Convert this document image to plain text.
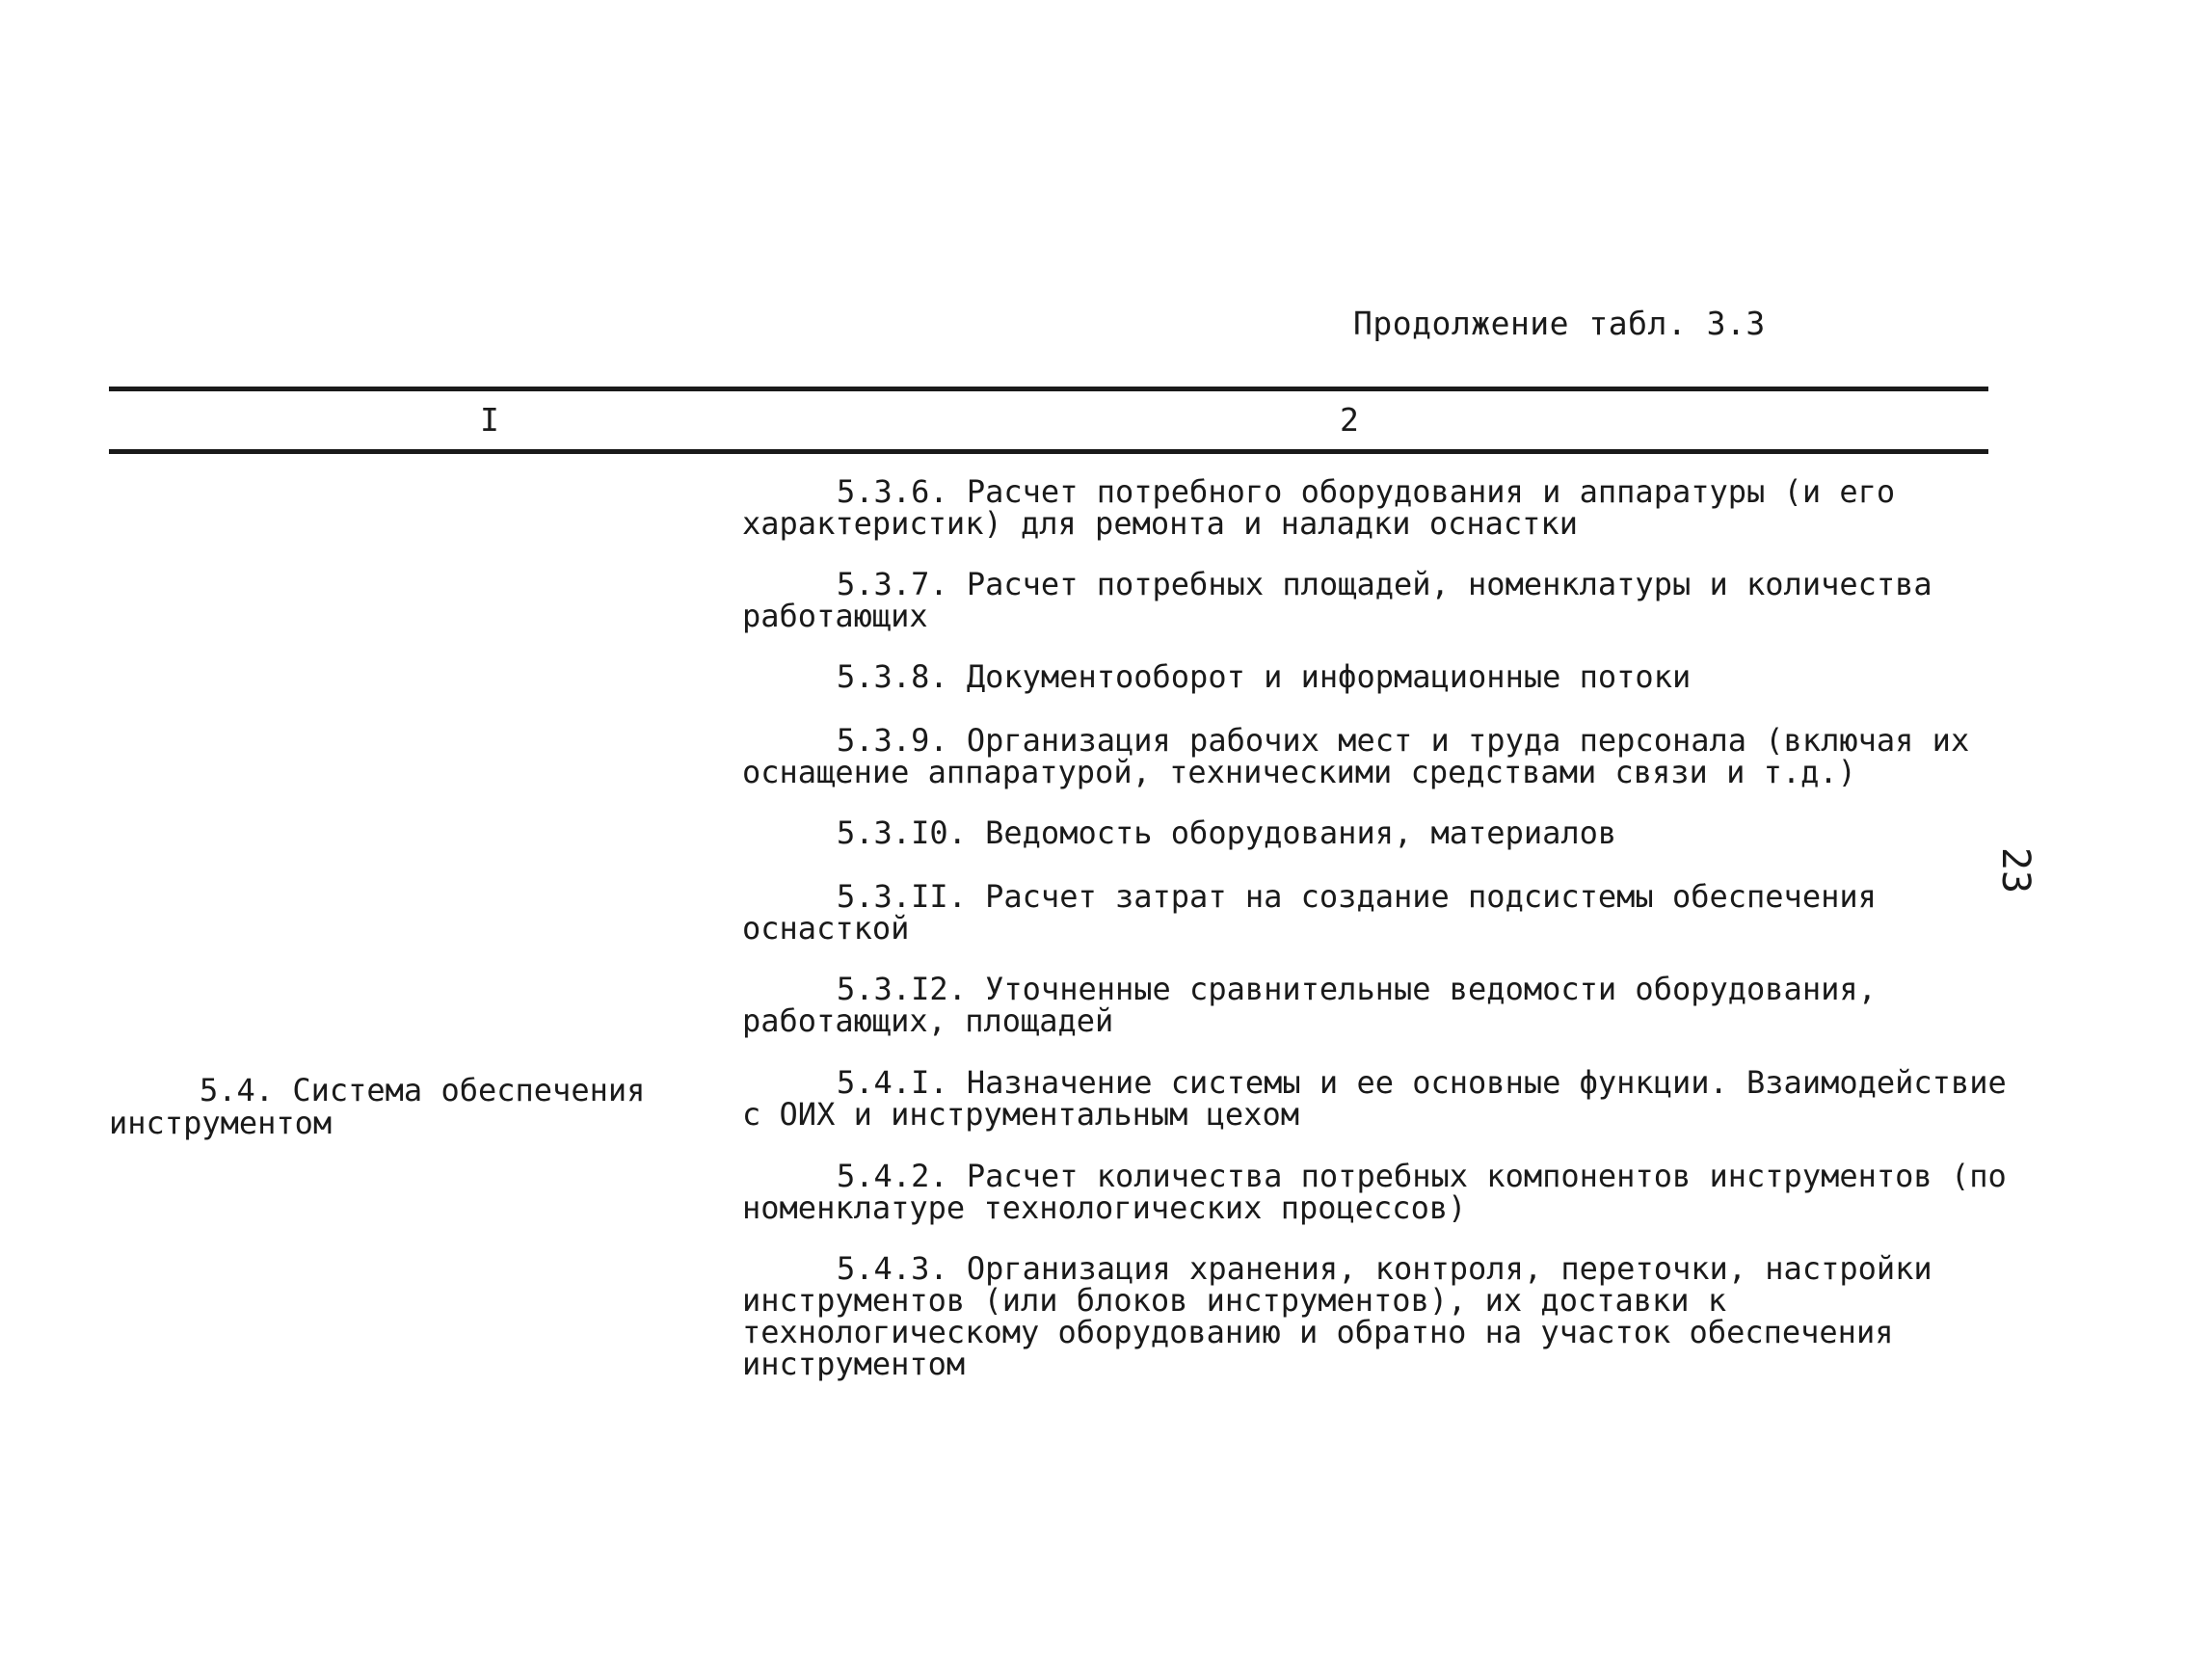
Продолжение табл. 3.3
I	2
5.3.6. Расчет потребного оборудования и аппаратуры (и его характеристик) для ремонта и наладки оснастки
5.3.7. Расчет потребных площадей, номенклатуры и количества работающих
5.3.8. Документооборот и информационные потоки
5.3.9. Организация рабочих мест и труда персонала (включая их оснащение аппаратурой, техническими средствами связи и т.д.)
5.3.I0. Ведомость оборудования, материалов
5.3.II. Расчет затрат на создание подсистемы обеспечения оснасткой
5.3.I2. Уточненные сравнительные ведомости оборудования, работающих, площадей
5.4. Система обеспечения инструментом
5.4.I. Назначение системы и ее основные функции. Взаимодействие с ОИХ и инструментальным цехом
5.4.2. Расчет количества потребных компонентов инструментов (по номенклатуре технологических процессов)
5.4.3. Организация хранения, контроля, переточки, настройки инструментов (или блоков инструментов), их доставки к технологическому оборудованию и обратно на участок обеспечения инструментом
23
